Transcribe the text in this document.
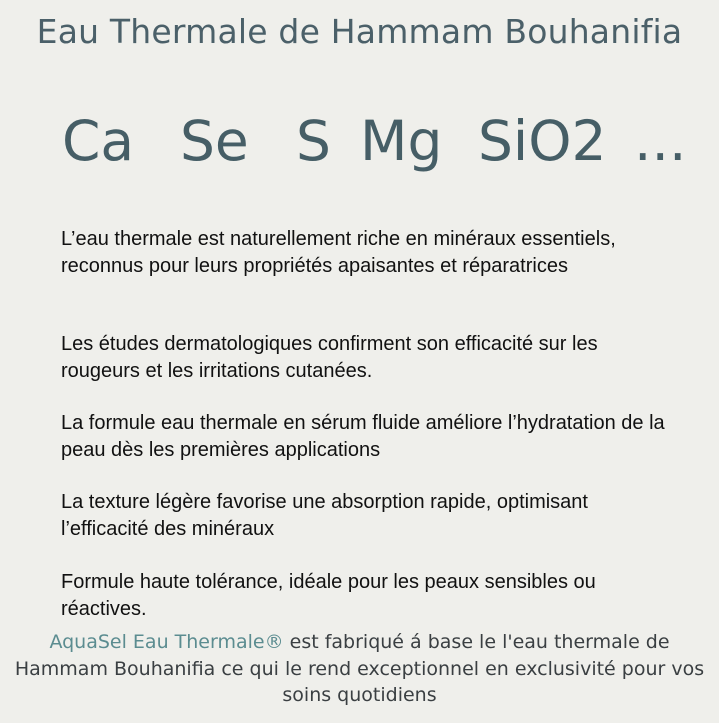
Eau Thermale de Hammam Bouhanifia
Ca Se S Mg SiO2 ...

L’eau thermale est naturellement riche en minéraux essentiels, reconnus pour leurs propriétés apaisantes et réparatrices

Les études dermatologiques confirment son efficacité sur les rougeurs et les irritations cutanées.

La formule eau thermale en sérum fluide améliore l’hydratation de la peau dès les premières applications

La texture légère favorise une absorption rapide, optimisant l’efficacité des minéraux

Formule haute tolérance, idéale pour les peaux sensibles ou réactives.

AquaSel Eau Thermale® est fabriqué á base le l'eau thermale de Hammam Bouhanifia ce qui le rend exceptionnel en exclusivité pour vos soins quotidiens
